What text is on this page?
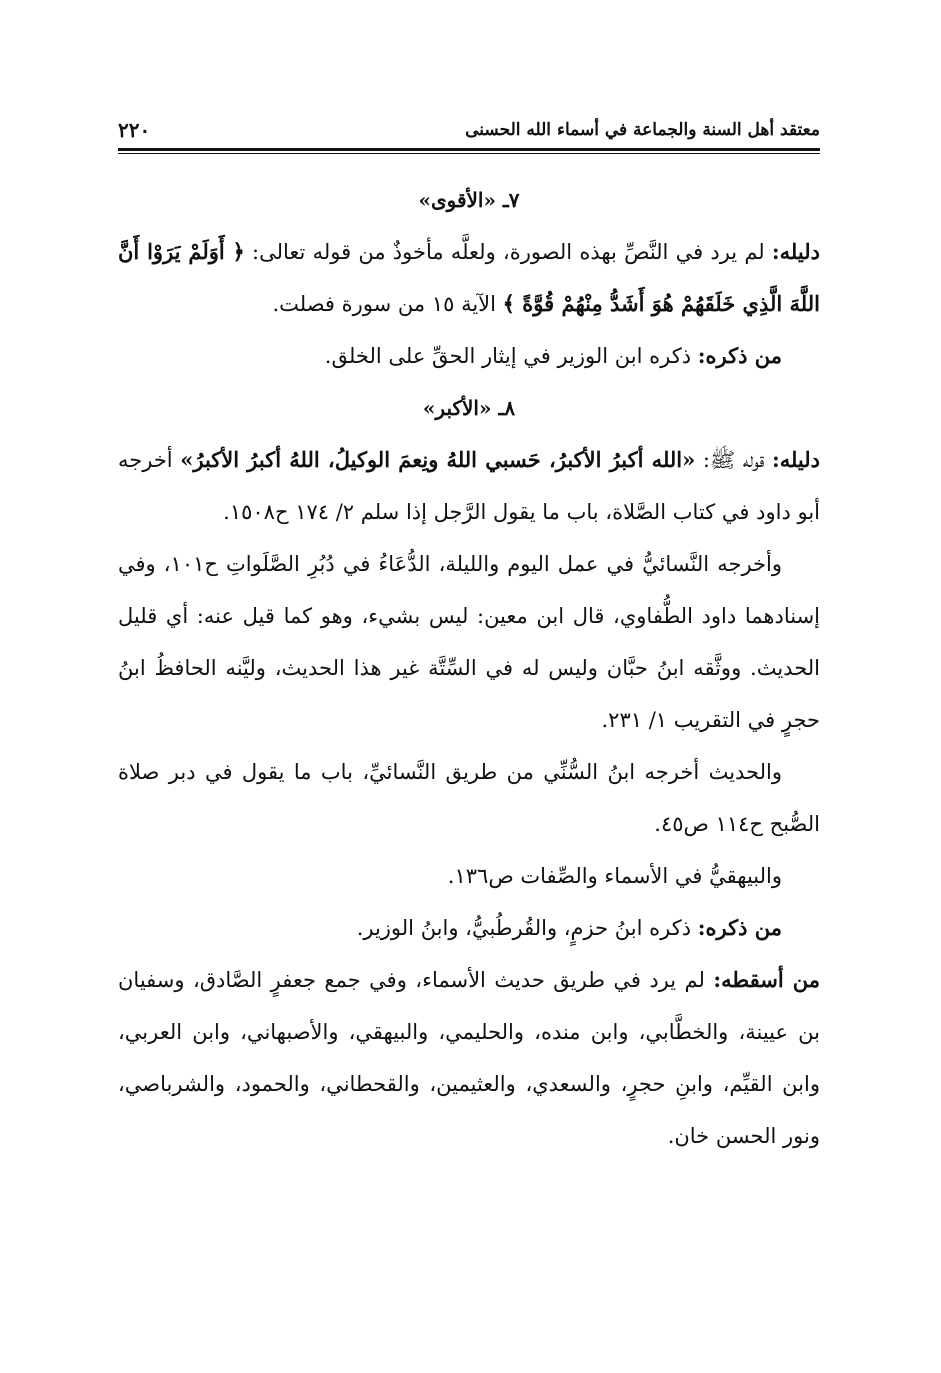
معتقد أهل السنة والجماعة في أسماء الله الحسنى
٢٢٠

٧ـ «الأقوى»

دليله: لم يرد في النَّصِّ بهذه الصورة، ولعلَّه مأخوذٌ من قوله تعالى: ﴿ أَوَلَمْ يَرَوْا أَنَّ اللَّهَ الَّذِي خَلَقَهُمْ هُوَ أَشَدُّ مِنْهُمْ قُوَّةً ﴾ الآية ١٥ من سورة فصلت.

من ذكره: ذكره ابن الوزير في إيثار الحقِّ على الخلق.

٨ـ «الأكبر»

دليله: قوله ﷺ: «الله أكبرُ الأكبرُ، حَسبي اللهُ ونِعمَ الوكيلُ، اللهُ أكبرُ الأكبرُ» أخرجه أبو داود في كتاب الصَّلاة، باب ما يقول الرَّجل إذا سلم ٢/ ١٧٤ ح١٥٠٨.

وأخرجه النَّسائيُّ في عمل اليوم والليلة، الدُّعَاءُ في دُبُرِ الصَّلَواتِ ح١٠١، وفي إسنادهما داود الطُّفاوي، قال ابن معين: ليس بشيء، وهو كما قيل عنه: أي قليل الحديث. ووثَّقه ابنُ حبَّان وليس له في السِّتَّة غير هذا الحديث، وليَّنه الحافظُ ابنُ حجرٍ في التقريب ١/ ٢٣١.

والحديث أخرجه ابنُ السُّنِّي من طريق النَّسائيِّ، باب ما يقول في دبر صلاة الصُّبح ح١١٤ ص٤٥.

والبيهقيُّ في الأسماء والصِّفات ص١٣٦.

من ذكره: ذكره ابنُ حزمٍ، والقُرطُبيُّ، وابنُ الوزير.

من أسقطه: لم يرد في طريق حديث الأسماء، وفي جمع جعفرٍ الصَّادق، وسفيان بن عيينة، والخطَّابي، وابن منده، والحليمي، والبيهقي، والأصبهاني، وابن العربي، وابن القيِّم، وابنِ حجرٍ، والسعدي، والعثيمين، والقحطاني، والحمود، والشرباصي، ونور الحسن خان.
